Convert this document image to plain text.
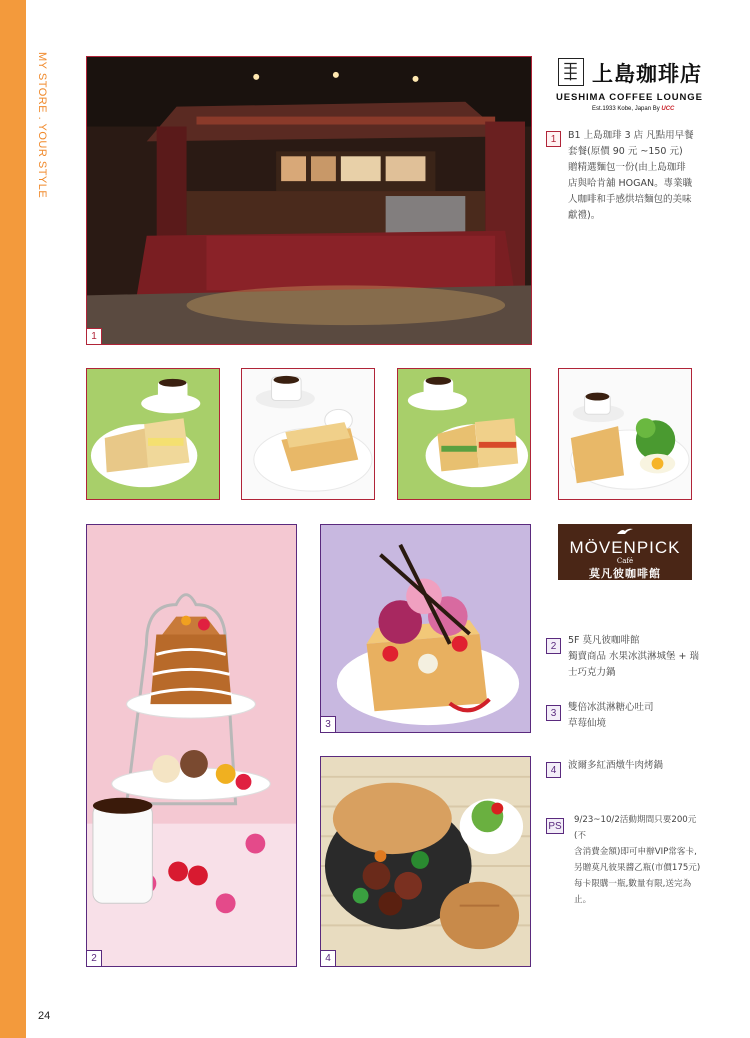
MY STORE . YOUR STYLE
1
上島珈琲店
UESHIMA COFFEE LOUNGE
Est.1933 Kobe, Japan By UCC
1	B1 上島珈琲 3 店 凡點用早餐
套餐(原價 90 元 ~150 元)
贈精選麵包一份(由上島珈琲
店與哈肯舖 HOGAN。專業職
人咖啡和手感烘培麵包的美味
獻禮)。
2
3
4
MÖVENPICK
Café
莫凡彼咖啡館
2
5F 莫凡彼咖啡館
獨賣商品 水果冰淇淋城堡 + 瑞
士巧克力鍋
3
雙倍冰淇淋糖心吐司
草莓仙境
4	波爾多紅酒燉牛肉烤鍋
PS
9/23~10/2活動期間只要200元(不
含消費金額)即可申辦VIP常客卡,
另贈莫凡彼果醬乙瓶(市價175元)
每卡限購一瓶,數量有限,送完為
止。
24
